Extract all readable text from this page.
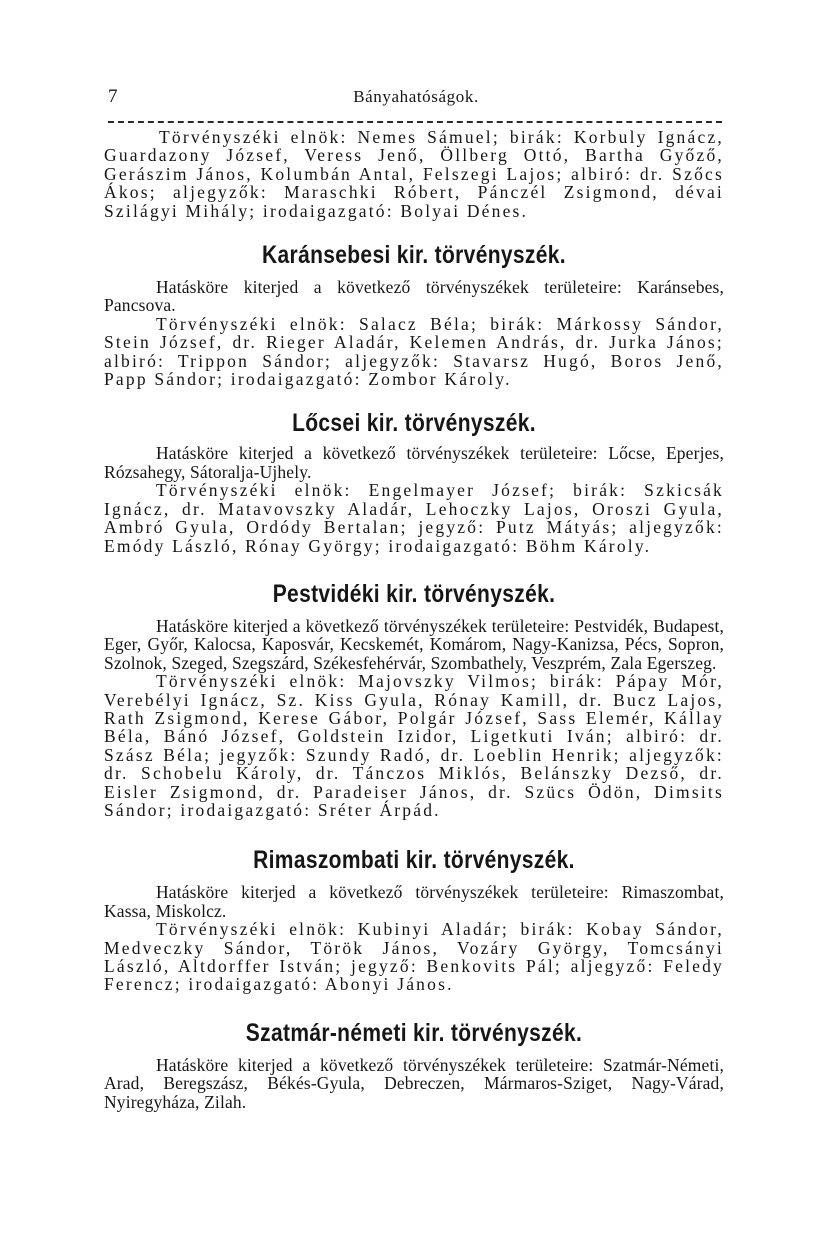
7	Bányahatóságok.

Törvényszéki elnök: Nemes Sámuel; birák: Korbuly Ignácz, Guardazony József, Veress Jenő, Öllberg Ottó, Bartha Győző, Gerászim János, Kolumbán Antal, Felszegi Lajos; albiró: dr. Szőcs Ákos; aljegyzők: Maraschki Róbert, Pánczél Zsigmond, dévai Szilágyi Mihály; irodaigazgató: Bolyai Dénes.

Karánsebesi kir. törvényszék.

Hatásköre kiterjed a következő törvényszékek területeire: Karánsebes, Pancsova.

Törvényszéki elnök: Salacz Béla; birák: Márkossy Sándor, Stein József, dr. Rieger Aladár, Kelemen András, dr. Jurka János; albiró: Trippon Sándor; aljegyzők: Stavarsz Hugó, Boros Jenő, Papp Sándor; irodaigazgató: Zombor Károly.

Lőcsei kir. törvényszék.

Hatásköre kiterjed a következő törvényszékek területeire: Lőcse, Eperjes, Rózsahegy, Sátoralja-Ujhely.

Törvényszéki elnök: Engelmayer József; birák: Szkicsák Ignácz, dr. Matavovszky Aladár, Lehoczky Lajos, Oroszi Gyula, Ambró Gyula, Ordódy Bertalan; jegyző: Putz Mátyás; aljegyzők: Emódy László, Rónay György; irodaigazgató: Böhm Károly.

Pestvidéki kir. törvényszék.

Hatásköre kiterjed a következő törvényszékek területeire: Pestvidék, Budapest, Eger, Győr, Kalocsa, Kaposvár, Kecskemét, Komárom, Nagy-Kanizsa, Pécs, Sopron, Szolnok, Szeged, Szegszárd, Székesfehérvár, Szombathely, Veszprém, Zala Egerszeg.

Törvényszéki elnök: Majovszky Vilmos; birák: Pápay Mór, Verebélyi Ignácz, Sz. Kiss Gyula, Rónay Kamill, dr. Bucz Lajos, Rath Zsigmond, Kerese Gábor, Polgár József, Sass Elemér, Kállay Béla, Bánó József, Goldstein Izidor, Ligetkuti Iván; albiró: dr. Szász Béla; jegyzők: Szundy Radó, dr. Loeblin Henrik; aljegyzők: dr. Schobelu Károly, dr. Tánczos Miklós, Belánszky Dezső, dr. Eisler Zsigmond, dr. Paradeiser János, dr. Szücs Ödön, Dimsits Sándor; irodaigazgató: Sréter Árpád.

Rimaszombati kir. törvényszék.

Hatásköre kiterjed a következő törvényszékek területeire: Rimaszombat, Kassa, Miskolcz.

Törvényszéki elnök: Kubinyi Aladár; birák: Kobay Sándor, Medveczky Sándor, Török János, Vozáry György, Tomcsányi László, Altdorffer István; jegyző: Benkovits Pál; aljegyző: Feledy Ferencz; irodaigazgató: Abonyi János.

Szatmár-németi kir. törvényszék.

Hatásköre kiterjed a következő törvényszékek területeire: Szatmár-Németi, Arad, Beregszász, Békés-Gyula, Debreczen, Mármaros-Sziget, Nagy-Várad, Nyiregyháza, Zilah.
